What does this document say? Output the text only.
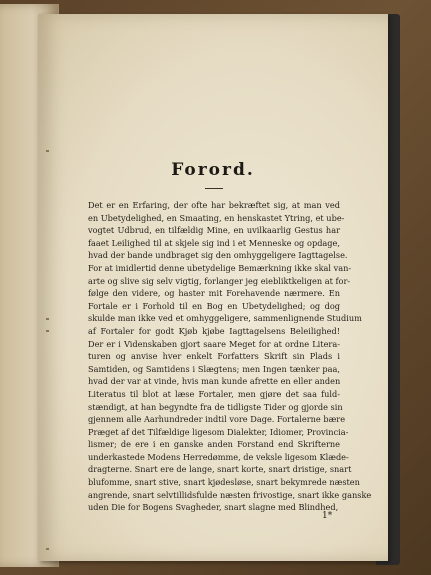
Forord.
Det er en Erfaring, der ofte har bekræftet sig, at man ved
en Ubetydelighed, en Smaating, en henskastet Ytring, et ube-
vogtet Udbrud, en tilfældig Mine, en uvilkaarlig Gestus har
faaet Leilighed til at skjele sig ind i et Menneske og opdage,
hvad der bande undbraget sig den omhyggeligere Iagttagelse.
For at imidlertid denne ubetydelige Bemærkning ikke skal van-
arte og slive sig selv vigtig, forlanger jeg eiebliktkeligen at for-
følge den videre, og haster mit Forehavende nærmere. En
Fortale er i Forhold til en Bog en Ubetydelighed; og dog
skulde man ikke ved et omhyggeligere, sammenlignende Studium
af Fortaler for godt Kjøb kjøbe Iagttagelsens Beleilighed!
Der er i Videnskaben gjort saare Meget for at ordne Litera-
turen og anvise hver enkelt Forfatters Skrift sin Plads i
Samtiden, og Samtidens i Slægtens; men Ingen tænker paa,
hvad der var at vinde, hvis man kunde afrette en eller anden
Literatus til blot at læse Fortaler, men gjøre det saa fuld-
stændigt, at han begyndte fra de tidligste Tider og gjorde sin
gjennem alle Aarhundreder indtil vore Dage. Fortalerne bære
Præget af det Tilfældige ligesom Dialekter, Idiomer, Provincia-
lismer; de ere i en ganske anden Forstand end Skrifterne
underkastede Modens Herredømme, de veksle ligesom Klæde-
dragterne. Snart ere de lange, snart korte, snart dristige, snart
blufomme, snart stive, snart kjødesløse, snart bekymrede næsten
angrende, snart selvtillidsfulde næsten frivostige, snart ikke ganske
uden Die for Bogens Svagheder, snart slagne med Blindhed,
1*
